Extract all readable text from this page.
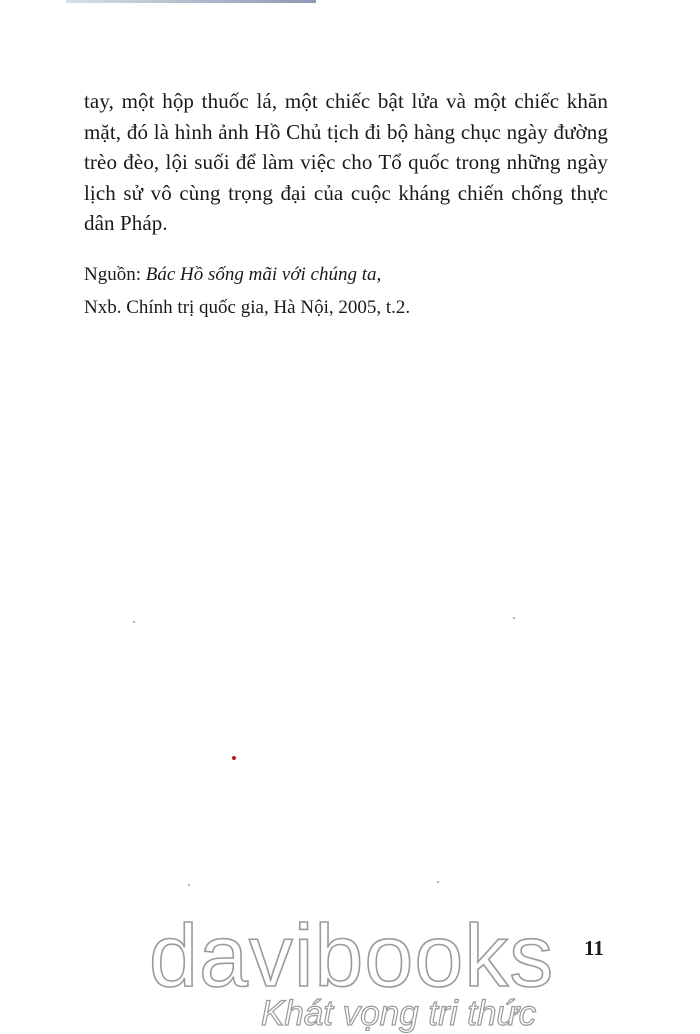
tay, một hộp thuốc lá, một chiếc bật lửa và một chiếc khăn mặt, đó là hình ảnh Hồ Chủ tịch đi bộ hàng chục ngày đường trèo đèo, lội suối để làm việc cho Tổ quốc trong những ngày lịch sử vô cùng trọng đại của cuộc kháng chiến chống thực dân Pháp.

Nguồn: Bác Hồ sống mãi với chúng ta,
Nxb. Chính trị quốc gia, Hà Nội, 2005, t.2.

davibooks
Khát vọng tri thức
11
